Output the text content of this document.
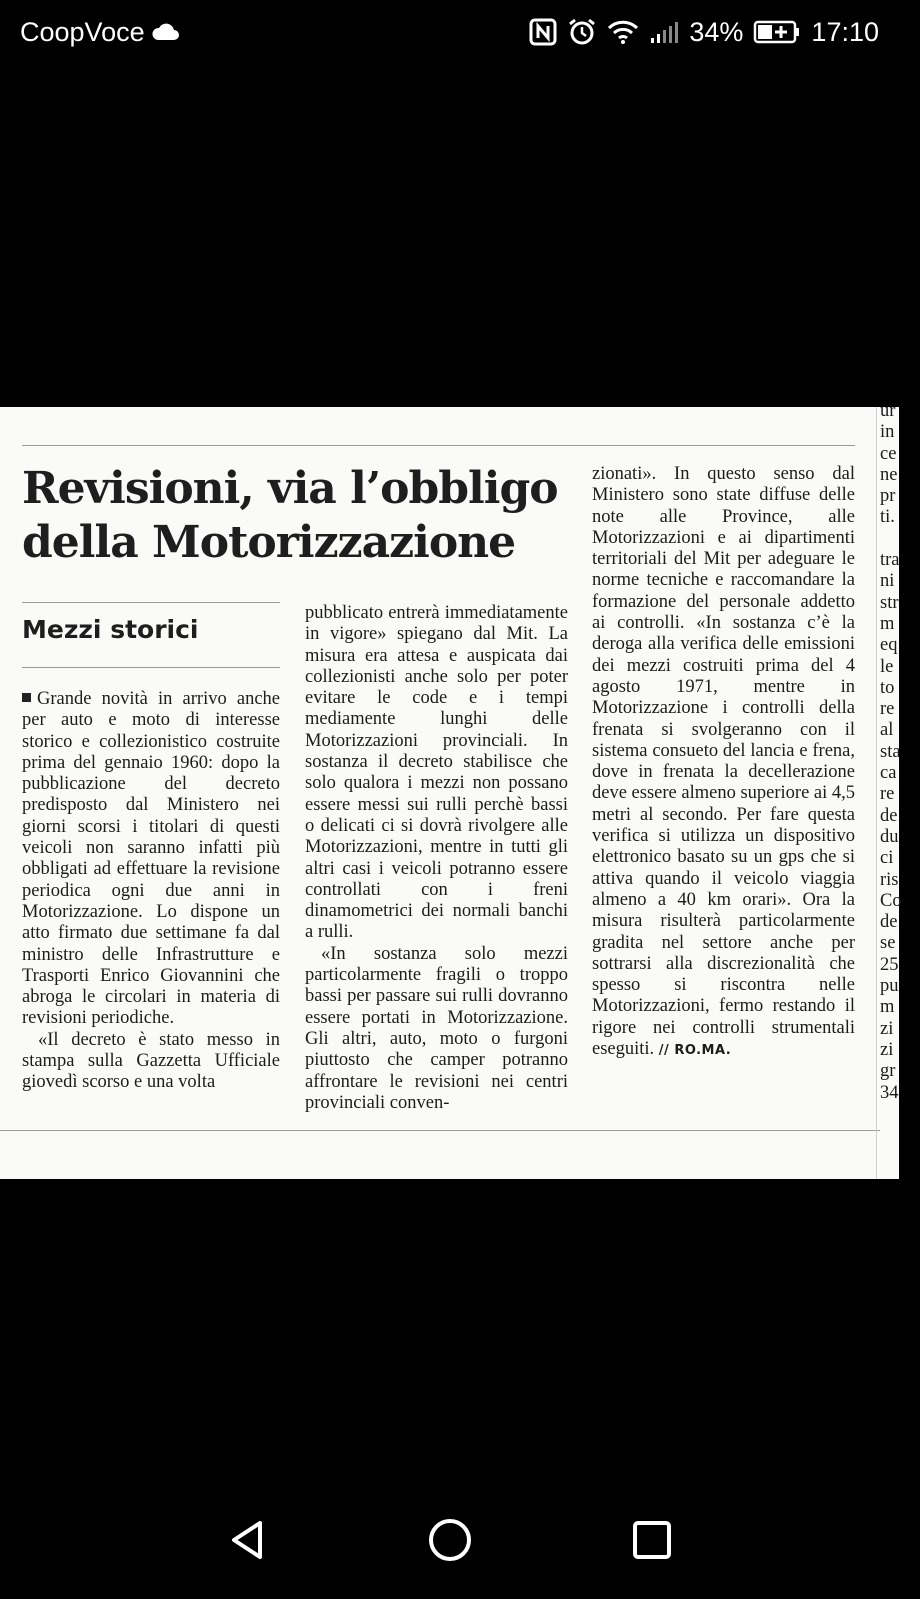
CoopVoce	34%	17:10
Revisioni, via l’obbligo
della Motorizzazione
Mezzi storici

Grande novità in arrivo anche per auto e moto di interesse storico e collezionistico costruite prima del gennaio 1960: dopo la pubblicazione del decreto predisposto dal Ministero nei giorni scorsi i titolari di questi veicoli non saranno infatti più obbligati ad effettuare la revisione periodica ogni due anni in Motorizzazione. Lo dispone un atto firmato due settimane fa dal ministro delle Infrastrutture e Trasporti Enrico Giovannini che abroga le circolari in materia di revisioni periodiche.

«Il decreto è stato messo in stampa sulla Gazzetta Ufficiale giovedì scorso e una volta

pubblicato entrerà immediatamente in vigore» spiegano dal Mit. La misura era attesa e auspicata dai collezionisti anche solo per poter evitare le code e i tempi mediamente lunghi delle Motorizzazioni provinciali. In sostanza il decreto stabilisce che solo qualora i mezzi non possano essere messi sui rulli perchè bassi o delicati ci si dovrà rivolgere alle Motorizzazioni, mentre in tutti gli altri casi i veicoli potranno essere controllati con i freni dinamometrici dei normali banchi a rulli.

«In sostanza solo mezzi particolarmente fragili o troppo bassi per passare sui rulli dovranno essere portati in Motorizzazione. Gli altri, auto, moto o furgoni piuttosto che camper potranno affrontare le revisioni nei centri provinciali conven-

zionati». In questo senso dal Ministero sono state diffuse delle note alle Province, alle Motorizzazioni e ai dipartimenti territoriali del Mit per adeguare le norme tecniche e raccomandare la formazione del personale addetto ai controlli. «In sostanza c’è la deroga alla verifica delle emissioni dei mezzi costruiti prima del 4 agosto 1971, mentre in Motorizzazione i controlli della frenata si svolgeranno con il sistema consueto del lancia e frena, dove in frenata la decellerazione deve essere almeno superiore ai 4,5 metri al secondo. Per fare questa verifica si utilizza un dispositivo elettronico basato su un gps che si attiva quando il veicolo viaggia almeno a 40 km orari». Ora la misura risulterà particolarmente gradita nel settore anche per sottrarsi alla discrezionalità che spesso si riscontra nelle Motorizzazioni, fermo restando il rigore nei controlli strumentali eseguiti. // RO.MA.

ur
in
ce
ne
pr
ti.
tra
ni
str
m
eq
le
to
re
al
sta
ca
re
de
du
ci
ris
Co
de
se
25
pu
m
zi
zi
gr
34
